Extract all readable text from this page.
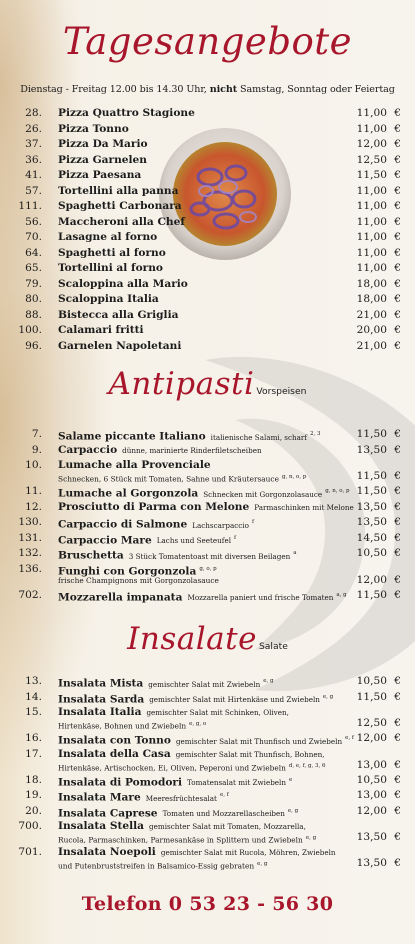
Tagesangebote
Dienstag - Freitag 12.00 bis 14.30 Uhr, nicht Samstag, Sonntag oder Feiertag
28. Pizza Quattro Stagione	11,00 €
26. Pizza Tonno	11,00 €
37. Pizza Da Mario	12,00 €
36. Pizza Garnelen	12,50 €
41. Pizza Paesana	11,50 €
57. Tortellini alla panna	11,00 €
111. Spaghetti Carbonara	11,00 €
56. Maccheroni alla Chef	11,00 €
70. Lasagne al forno	11,00 €
64. Spaghetti al forno	11,00 €
65. Tortellini al forno	11,00 €
79. Scaloppina alla Mario	18,00 €
80. Scaloppina Italia	18,00 €
88. Bistecca alla Griglia	21,00 €
100. Calamari fritti	20,00 €
96. Garnelen Napoletani	21,00 €
Antipasti Vorspeisen
7. Salame piccante Italiano italienische Salami, scharf $^{2, 3}$	11,50 €
9. Carpaccio dünne, marinierte Rinderfiletscheiben	13,50 €
10. Lumache alla Provenciale
Schnecken, 6 Stück mit Tomaten, Sahne und Kräutersauce $^{g, n, o, p}$	11,50 €
11. Lumache al Gorgonzola Schnecken mit Gorgonzolasauce $^{g, n, o, p}$ 11,50 €
12. Prosciutto di Parma con Melone Parmaschinken mit Melone 13,50 €
130. Carpaccio di Salmone Lachscarpaccio $^f$	13,50 €
131. Carpaccio Mare Lachs und Seeteufel $^f$	14,50 €
132. Bruschetta 3 Stück Tomatentoast mit diversen Beilagen $^a$	10,50 €
136. Funghi con Gorgonzola $^{g, o, p}$
frische Champignons mit Gorgonzolasauce	12,00 €
702. Mozzarella impanata Mozzarella paniert und frische Tomaten $^{a, g}$ 11,50 €
Insalate Salate
13. Insalata Mista gemischter Salat mit Zwiebeln $^{e, g}$	10,50 €
14. Insalata Sarda gemischter Salat mit Hirtenkäse und Zwiebeln $^{e, g}$ 11,50 €
15. Insalata Italia gemischter Salat mit Schinken, Oliven,
Hirtenkäse, Bohnen und Zwiebeln $^{e, g, o}$	12,50 €
16. Insalata con Tonno gemischter Salat mit Thunfisch und Zwiebeln $^{e, f}$ 12,00 €
17. Insalata della Casa gemischter Salat mit Thunfisch, Bohnen,
Hirtenkäse, Artischocken, Ei, Oliven, Peperoni und Zwiebeln $^{d, e, f, g, 3, 6}$	13,00 €
18. Insalata di Pomodori Tomatensalat mit Zwiebeln $^e$	10,50 €
19. Insalata Mare Meeresfrüchtesalat $^{e, f}$	13,00 €
20. Insalata Caprese Tomaten und Mozzarellascheiben $^{e, g}$	12,00 €
700. Insalata Stella gemischter Salat mit Tomaten, Mozzarella,
Rucola, Parmaschinken, Parmesankäse in Splittern und Zwiebeln $^{e, g}$	13,50 €
701. Insalata Noepoli gemischter Salat mit Rucola, Möhren, Zwiebeln
und Putenbruststreifen in Balsamico-Essig gebraten $^{e, g}$	13,50 €
Telefon 0 53 23 - 56 30
